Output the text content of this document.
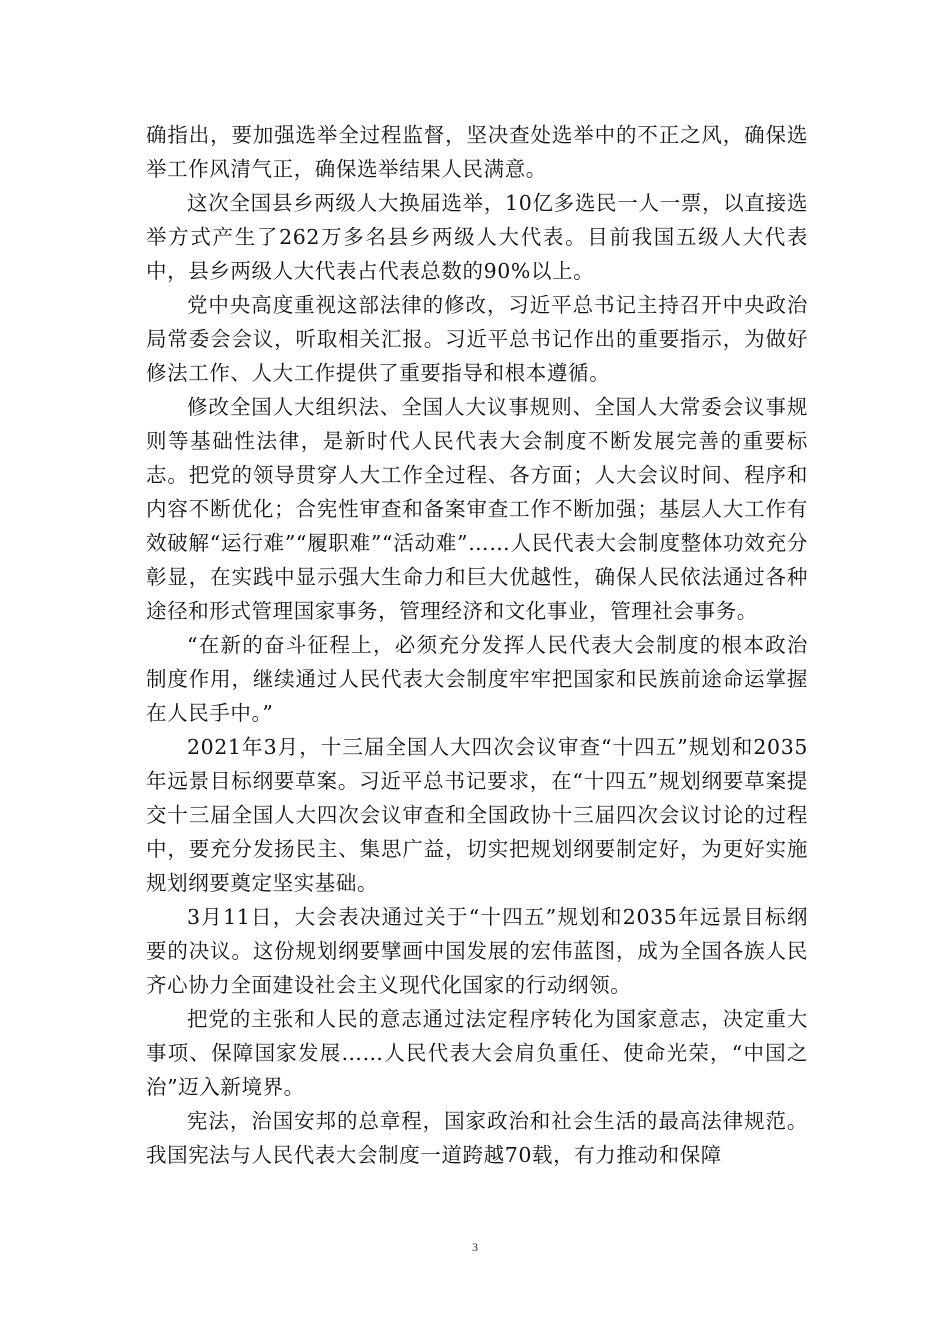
确指出，要加强选举全过程监督，坚决查处选举中的不正之风，确保选举工作风清气正，确保选举结果人民满意。

这次全国县乡两级人大换届选举，10亿多选民一人一票，以直接选举方式产生了262万多名县乡两级人大代表。目前我国五级人大代表中，县乡两级人大代表占代表总数的90%以上。

党中央高度重视这部法律的修改，习近平总书记主持召开中央政治局常委会会议，听取相关汇报。习近平总书记作出的重要指示，为做好修法工作、人大工作提供了重要指导和根本遵循。

修改全国人大组织法、全国人大议事规则、全国人大常委会议事规则等基础性法律，是新时代人民代表大会制度不断发展完善的重要标志。把党的领导贯穿人大工作全过程、各方面；人大会议时间、程序和内容不断优化；合宪性审查和备案审查工作不断加强；基层人大工作有效破解“运行难”“履职难”“活动难”……人民代表大会制度整体功效充分彰显，在实践中显示强大生命力和巨大优越性，确保人民依法通过各种途径和形式管理国家事务，管理经济和文化事业，管理社会事务。

“在新的奋斗征程上，必须充分发挥人民代表大会制度的根本政治制度作用，继续通过人民代表大会制度牢牢把国家和民族前途命运掌握在人民手中。”

2021年3月，十三届全国人大四次会议审查“十四五”规划和2035年远景目标纲要草案。习近平总书记要求，在“十四五”规划纲要草案提交十三届全国人大四次会议审查和全国政协十三届四次会议讨论的过程中，要充分发扬民主、集思广益，切实把规划纲要制定好，为更好实施规划纲要奠定坚实基础。

3月11日，大会表决通过关于“十四五”规划和2035年远景目标纲要的决议。这份规划纲要擘画中国发展的宏伟蓝图，成为全国各族人民齐心协力全面建设社会主义现代化国家的行动纲领。

把党的主张和人民的意志通过法定程序转化为国家意志，决定重大事项、保障国家发展……人民代表大会肩负重任、使命光荣，“中国之治”迈入新境界。

宪法，治国安邦的总章程，国家政治和社会生活的最高法律规范。我国宪法与人民代表大会制度一道跨越70载，有力推动和保障

3
